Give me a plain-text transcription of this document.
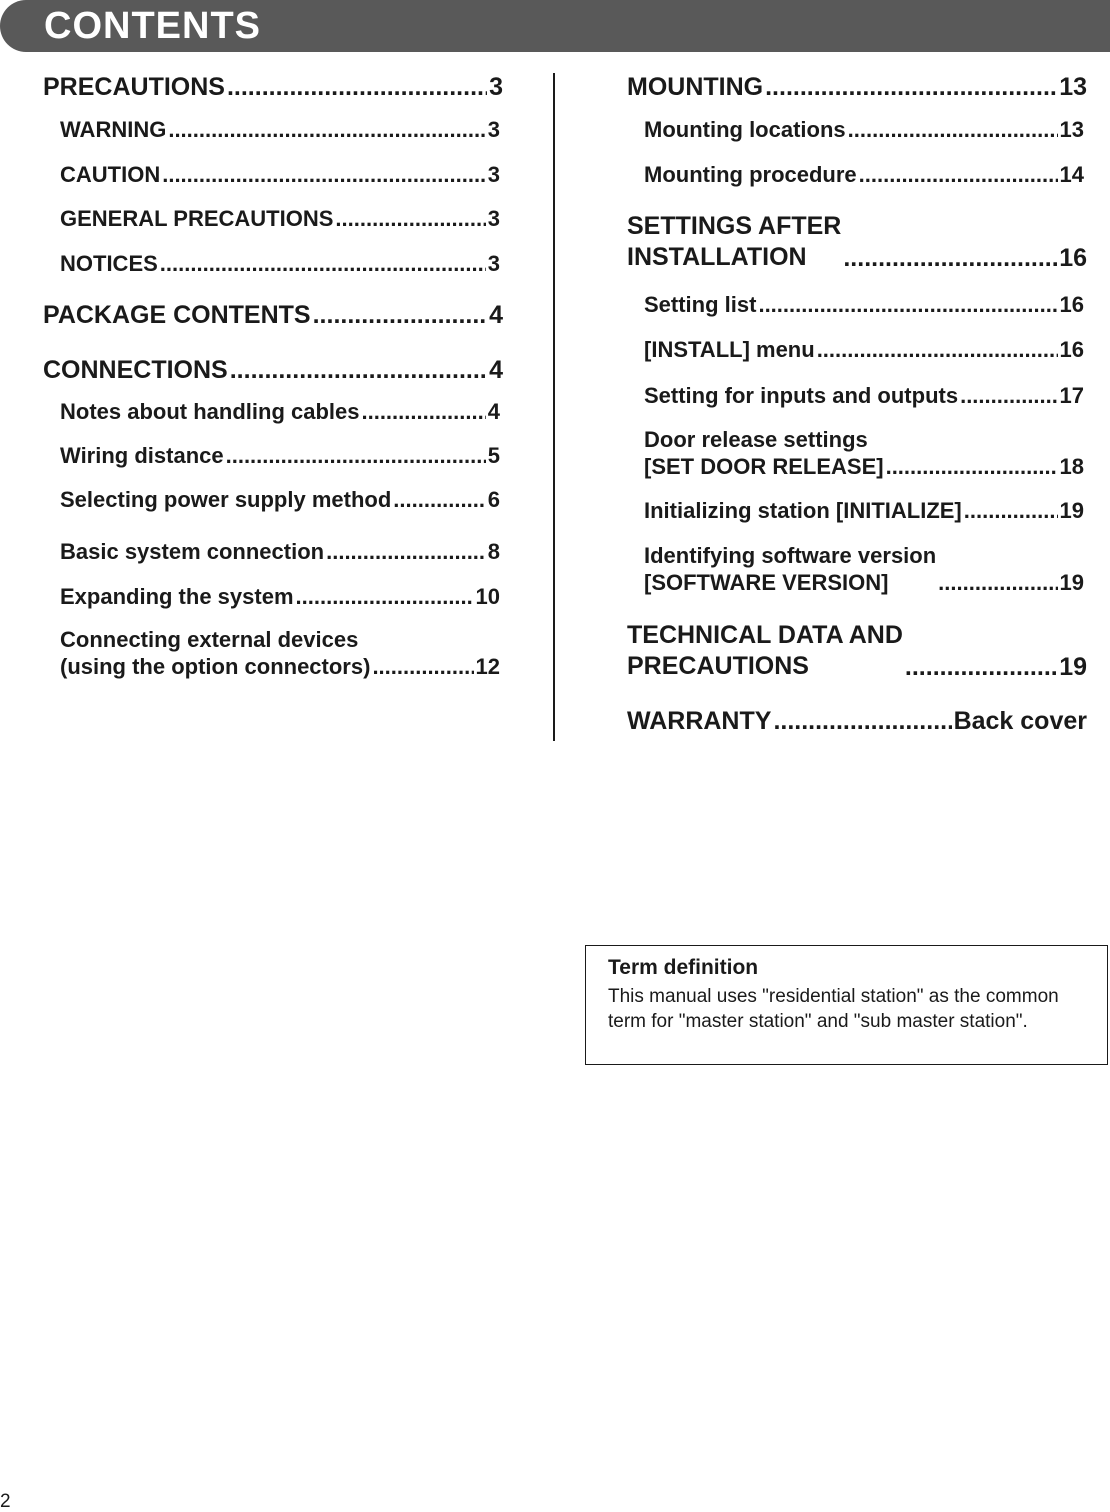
CONTENTS
PRECAUTIONS .....	3
WARNING .....	3
CAUTION .....	3
GENERAL PRECAUTIONS .....	3
NOTICES .....	3
PACKAGE CONTENTS .....	4
CONNECTIONS .....	4
Notes about handling cables .....	4
Wiring distance .....	5
Selecting power supply method .....	6
Basic system connection .....	8
Expanding the system .....	10
Connecting external devices
(using the option connectors) .....	12
MOUNTING .....	13
Mounting locations .....	13
Mounting procedure .....	14
SETTINGS AFTER
INSTALLATION .....	16
Setting list .....	16
[INSTALL] menu .....	16
Setting for inputs and outputs .....	17
Door release settings
[SET DOOR RELEASE] .....	18
Initializing station [INITIALIZE] .....	19
Identifying software version
[SOFTWARE VERSION] .....	19
TECHNICAL DATA AND
PRECAUTIONS .....	19
WARRANTY .....	Back cover
Term definition
This manual uses "residential station" as the common term for "master station" and "sub master station".
2
